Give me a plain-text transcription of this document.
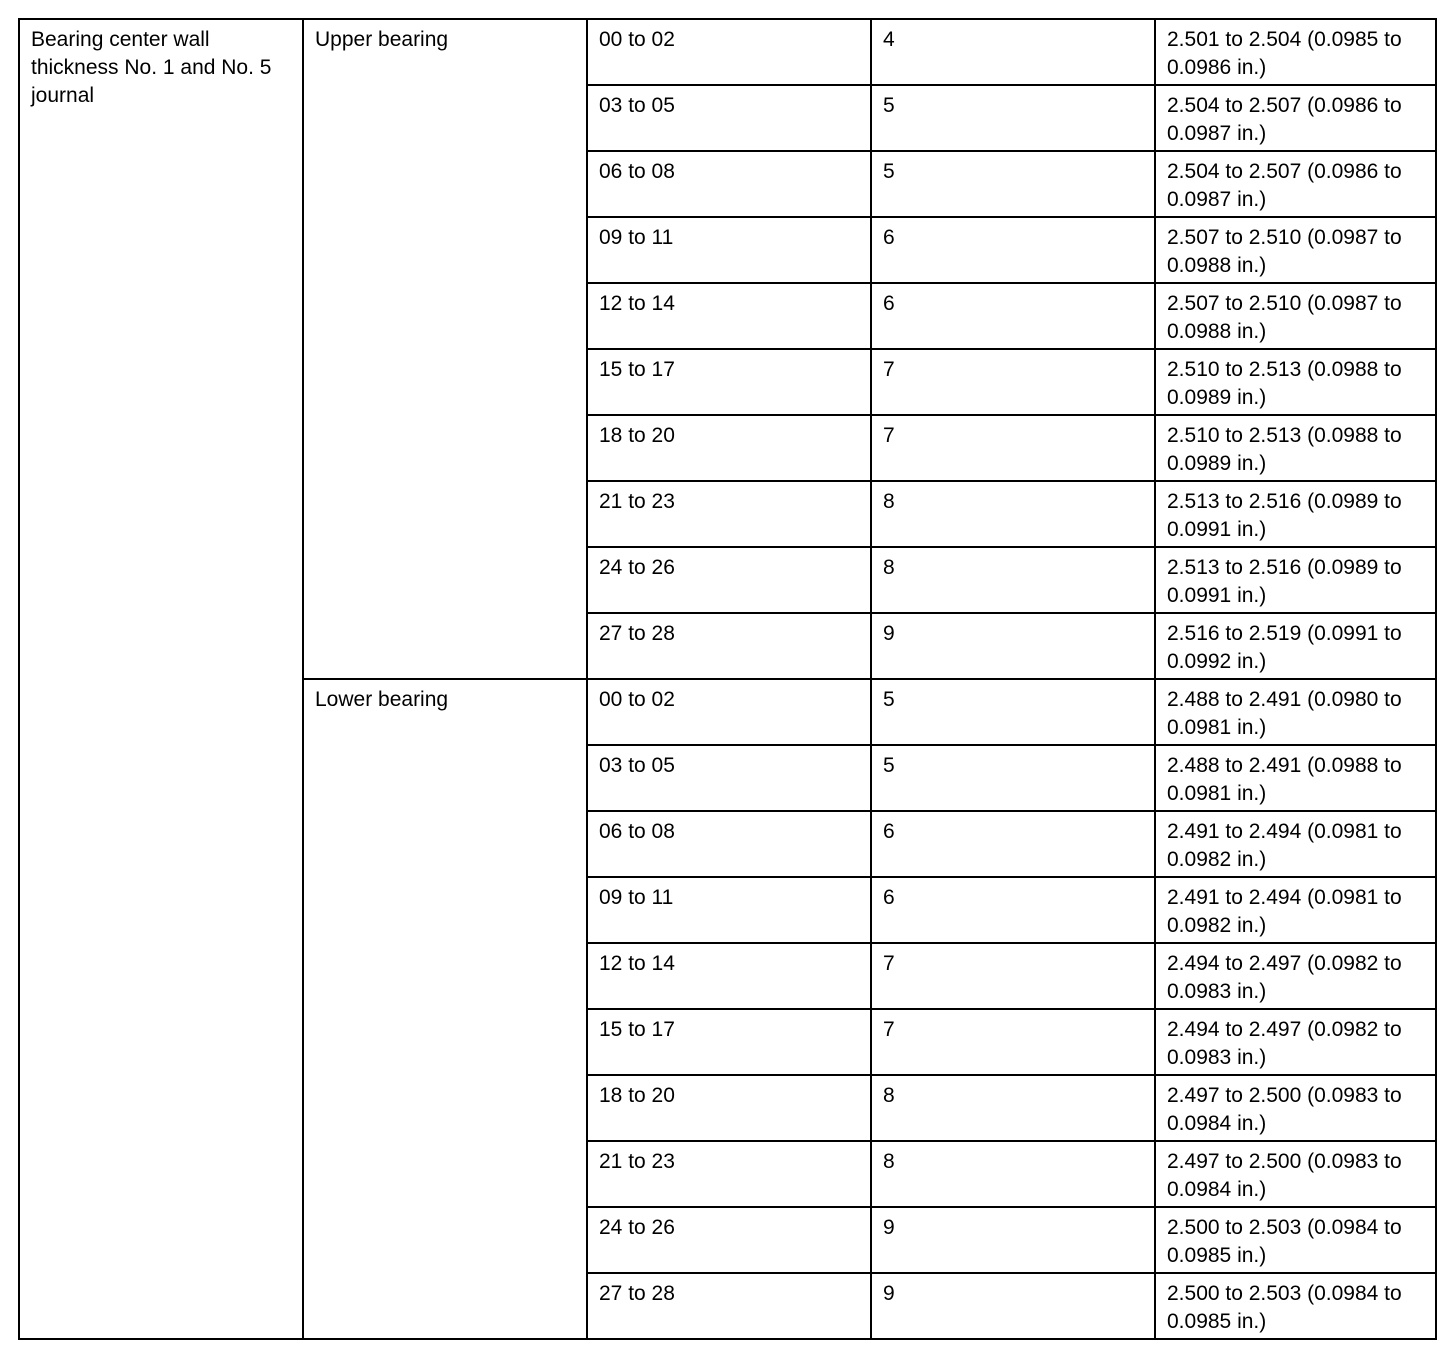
Bearing center wall thickness No. 1 and No. 5 journal	Upper bearing	00 to 02	4	2.501 to 2.504 (0.0985 to 0.0986 in.)
		03 to 05	5	2.504 to 2.507 (0.0986 to 0.0987 in.)
		06 to 08	5	2.504 to 2.507 (0.0986 to 0.0987 in.)
		09 to 11	6	2.507 to 2.510 (0.0987 to 0.0988 in.)
		12 to 14	6	2.507 to 2.510 (0.0987 to 0.0988 in.)
		15 to 17	7	2.510 to 2.513 (0.0988 to 0.0989 in.)
		18 to 20	7	2.510 to 2.513 (0.0988 to 0.0989 in.)
		21 to 23	8	2.513 to 2.516 (0.0989 to 0.0991 in.)
		24 to 26	8	2.513 to 2.516 (0.0989 to 0.0991 in.)
		27 to 28	9	2.516 to 2.519 (0.0991 to 0.0992 in.)
	Lower bearing	00 to 02	5	2.488 to 2.491 (0.0980 to 0.0981 in.)
		03 to 05	5	2.488 to 2.491 (0.0988 to 0.0981 in.)
		06 to 08	6	2.491 to 2.494 (0.0981 to 0.0982 in.)
		09 to 11	6	2.491 to 2.494 (0.0981 to 0.0982 in.)
		12 to 14	7	2.494 to 2.497 (0.0982 to 0.0983 in.)
		15 to 17	7	2.494 to 2.497 (0.0982 to 0.0983 in.)
		18 to 20	8	2.497 to 2.500 (0.0983 to 0.0984 in.)
		21 to 23	8	2.497 to 2.500 (0.0983 to 0.0984 in.)
		24 to 26	9	2.500 to 2.503 (0.0984 to 0.0985 in.)
		27 to 28	9	2.500 to 2.503 (0.0984 to 0.0985 in.)
